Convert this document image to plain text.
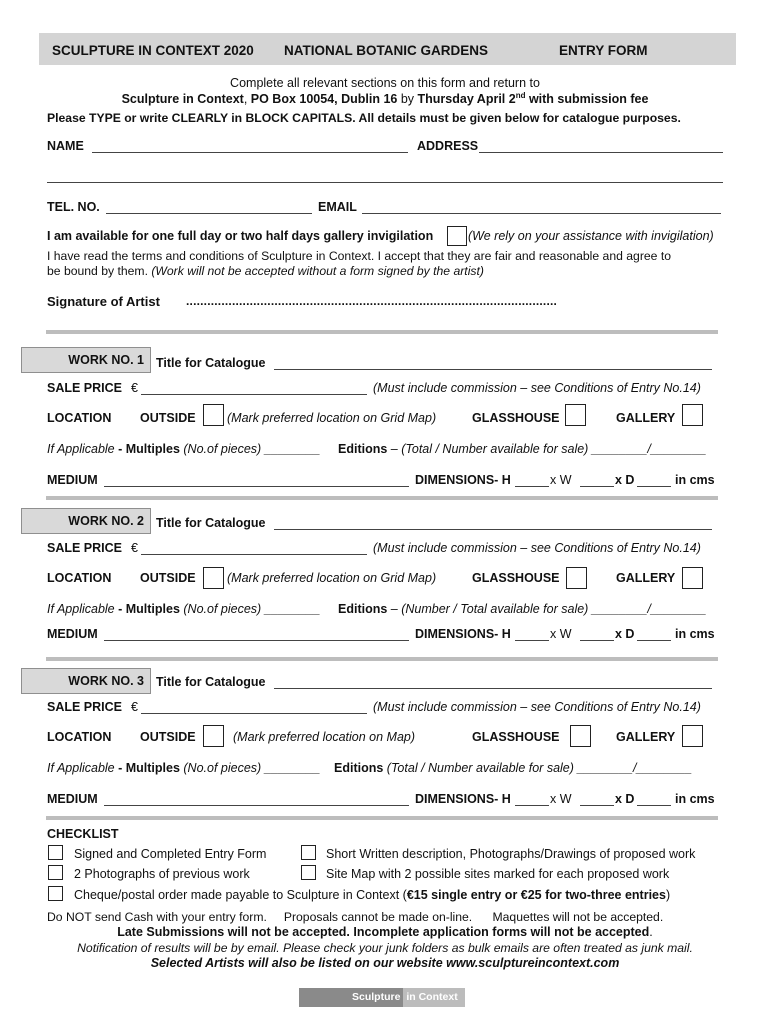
SCULPTURE IN CONTEXT 2020 NATIONAL BOTANIC GARDENS	ENTRY FORM
Complete all relevant sections on this form and return to
Sculpture in Context, PO Box 10054, Dublin 16 by Thursday April 2nd with submission fee
Please TYPE or write CLEARLY in BLOCK CAPITALS. All details must be given below for catalogue purposes.
NAME	ADDRESS
TEL. NO.	EMAIL
I am available for one full day or two half days gallery invigilation	(We rely on your assistance with invigilation)
I have read the terms and conditions of Sculpture in Context. I accept that they are fair and reasonable and agree to
be bound by them. (Work will not be accepted without a form signed by the artist)
Signature of Artist .........................................................................................................
WORK NO. 1 Title for Catalogue
SALE PRICE €	(Must include commission – see Conditions of Entry No.14)
LOCATION OUTSIDE	(Mark preferred location on Grid Map)	GLASSHOUSE	GALLERY
If Applicable - Multiples (No.of pieces) ________ Editions – (Total / Number available for sale) ________/________
MEDIUM	DIMENSIONS- H	x W	x D	in cms
WORK NO. 2 Title for Catalogue
SALE PRICE €	(Must include commission – see Conditions of Entry No.14)
LOCATION OUTSIDE	(Mark preferred location on Grid Map)	GLASSHOUSE	GALLERY
If Applicable - Multiples (No.of pieces) ________ Editions – (Number / Total available for sale) ________/________
MEDIUM	DIMENSIONS- H	x W	x D	in cms
WORK NO. 3 Title for Catalogue
SALE PRICE €	(Must include commission – see Conditions of Entry No.14)
LOCATION OUTSIDE	(Mark preferred location on Map)	GLASSHOUSE	GALLERY
If Applicable - Multiples (No.of pieces) ________ Editions (Total / Number available for sale) ________/________
MEDIUM	DIMENSIONS- H	x W	x D	in cms
CHECKLIST
Signed and Completed Entry Form	Short Written description, Photographs/Drawings of proposed work
2 Photographs of previous work	Site Map with 2 possible sites marked for each proposed work
Cheque/postal order made payable to Sculpture in Context (€15 single entry or €25 for two-three entries)
Do NOT send Cash with your entry form.     Proposals cannot be made on-line.      Maquettes will not be accepted.
Late Submissions will not be accepted. Incomplete application forms will not be accepted.
Notification of results will be by email. Please check your junk folders as bulk emails are often treated as junk mail.
Selected Artists will also be listed on our website www.sculptureincontext.com
Sculpture in Context
